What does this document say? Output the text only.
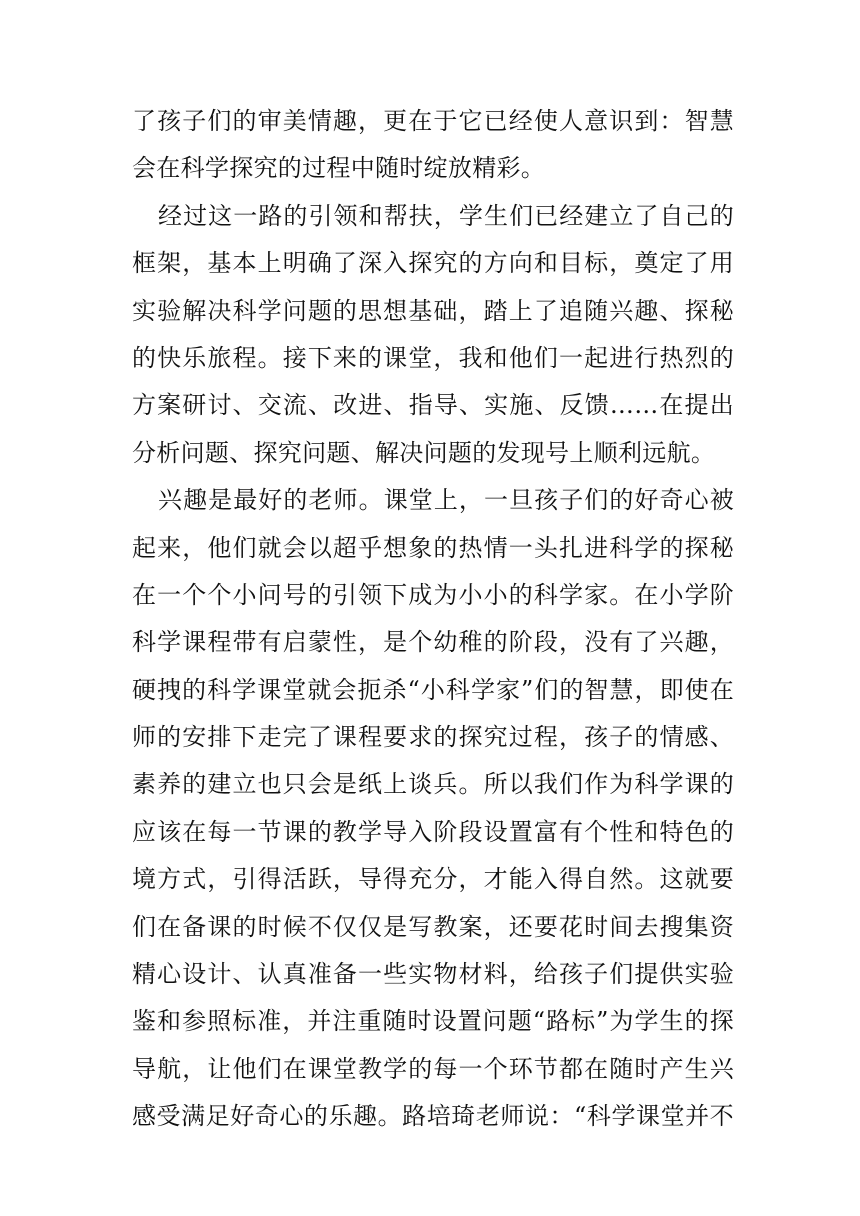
了孩子们的审美情趣，更在于它已经使人意识到：智慧
会在科学探究的过程中随时绽放精彩。
经过这一路的引领和帮扶，学生们已经建立了自己的
框架，基本上明确了深入探究的方向和目标，奠定了用
实验解决科学问题的思想基础，踏上了追随兴趣、探秘
的快乐旅程。接下来的课堂，我和他们一起进行热烈的
方案研讨、交流、改进、指导、实施、反馈……在提出
分析问题、探究问题、解决问题的发现号上顺利远航。
兴趣是最好的老师。课堂上，一旦孩子们的好奇心被
起来，他们就会以超乎想象的热情一头扎进科学的探秘
在一个个小问号的引领下成为小小的科学家。在小学阶
科学课程带有启蒙性，是个幼稚的阶段，没有了兴趣，
硬拽的科学课堂就会扼杀“小科学家”们的智慧，即使在
师的安排下走完了课程要求的探究过程，孩子的情感、
素养的建立也只会是纸上谈兵。所以我们作为科学课的
应该在每一节课的教学导入阶段设置富有个性和特色的
境方式，引得活跃，导得充分，才能入得自然。这就要
们在备课的时候不仅仅是写教案，还要花时间去搜集资
精心设计、认真准备一些实物材料，给孩子们提供实验
鉴和参照标准，并注重随时设置问题“路标”为学生的探
导航，让他们在课堂教学的每一个环节都在随时产生兴
感受满足好奇心的乐趣。路培琦老师说：“科学课堂并不
